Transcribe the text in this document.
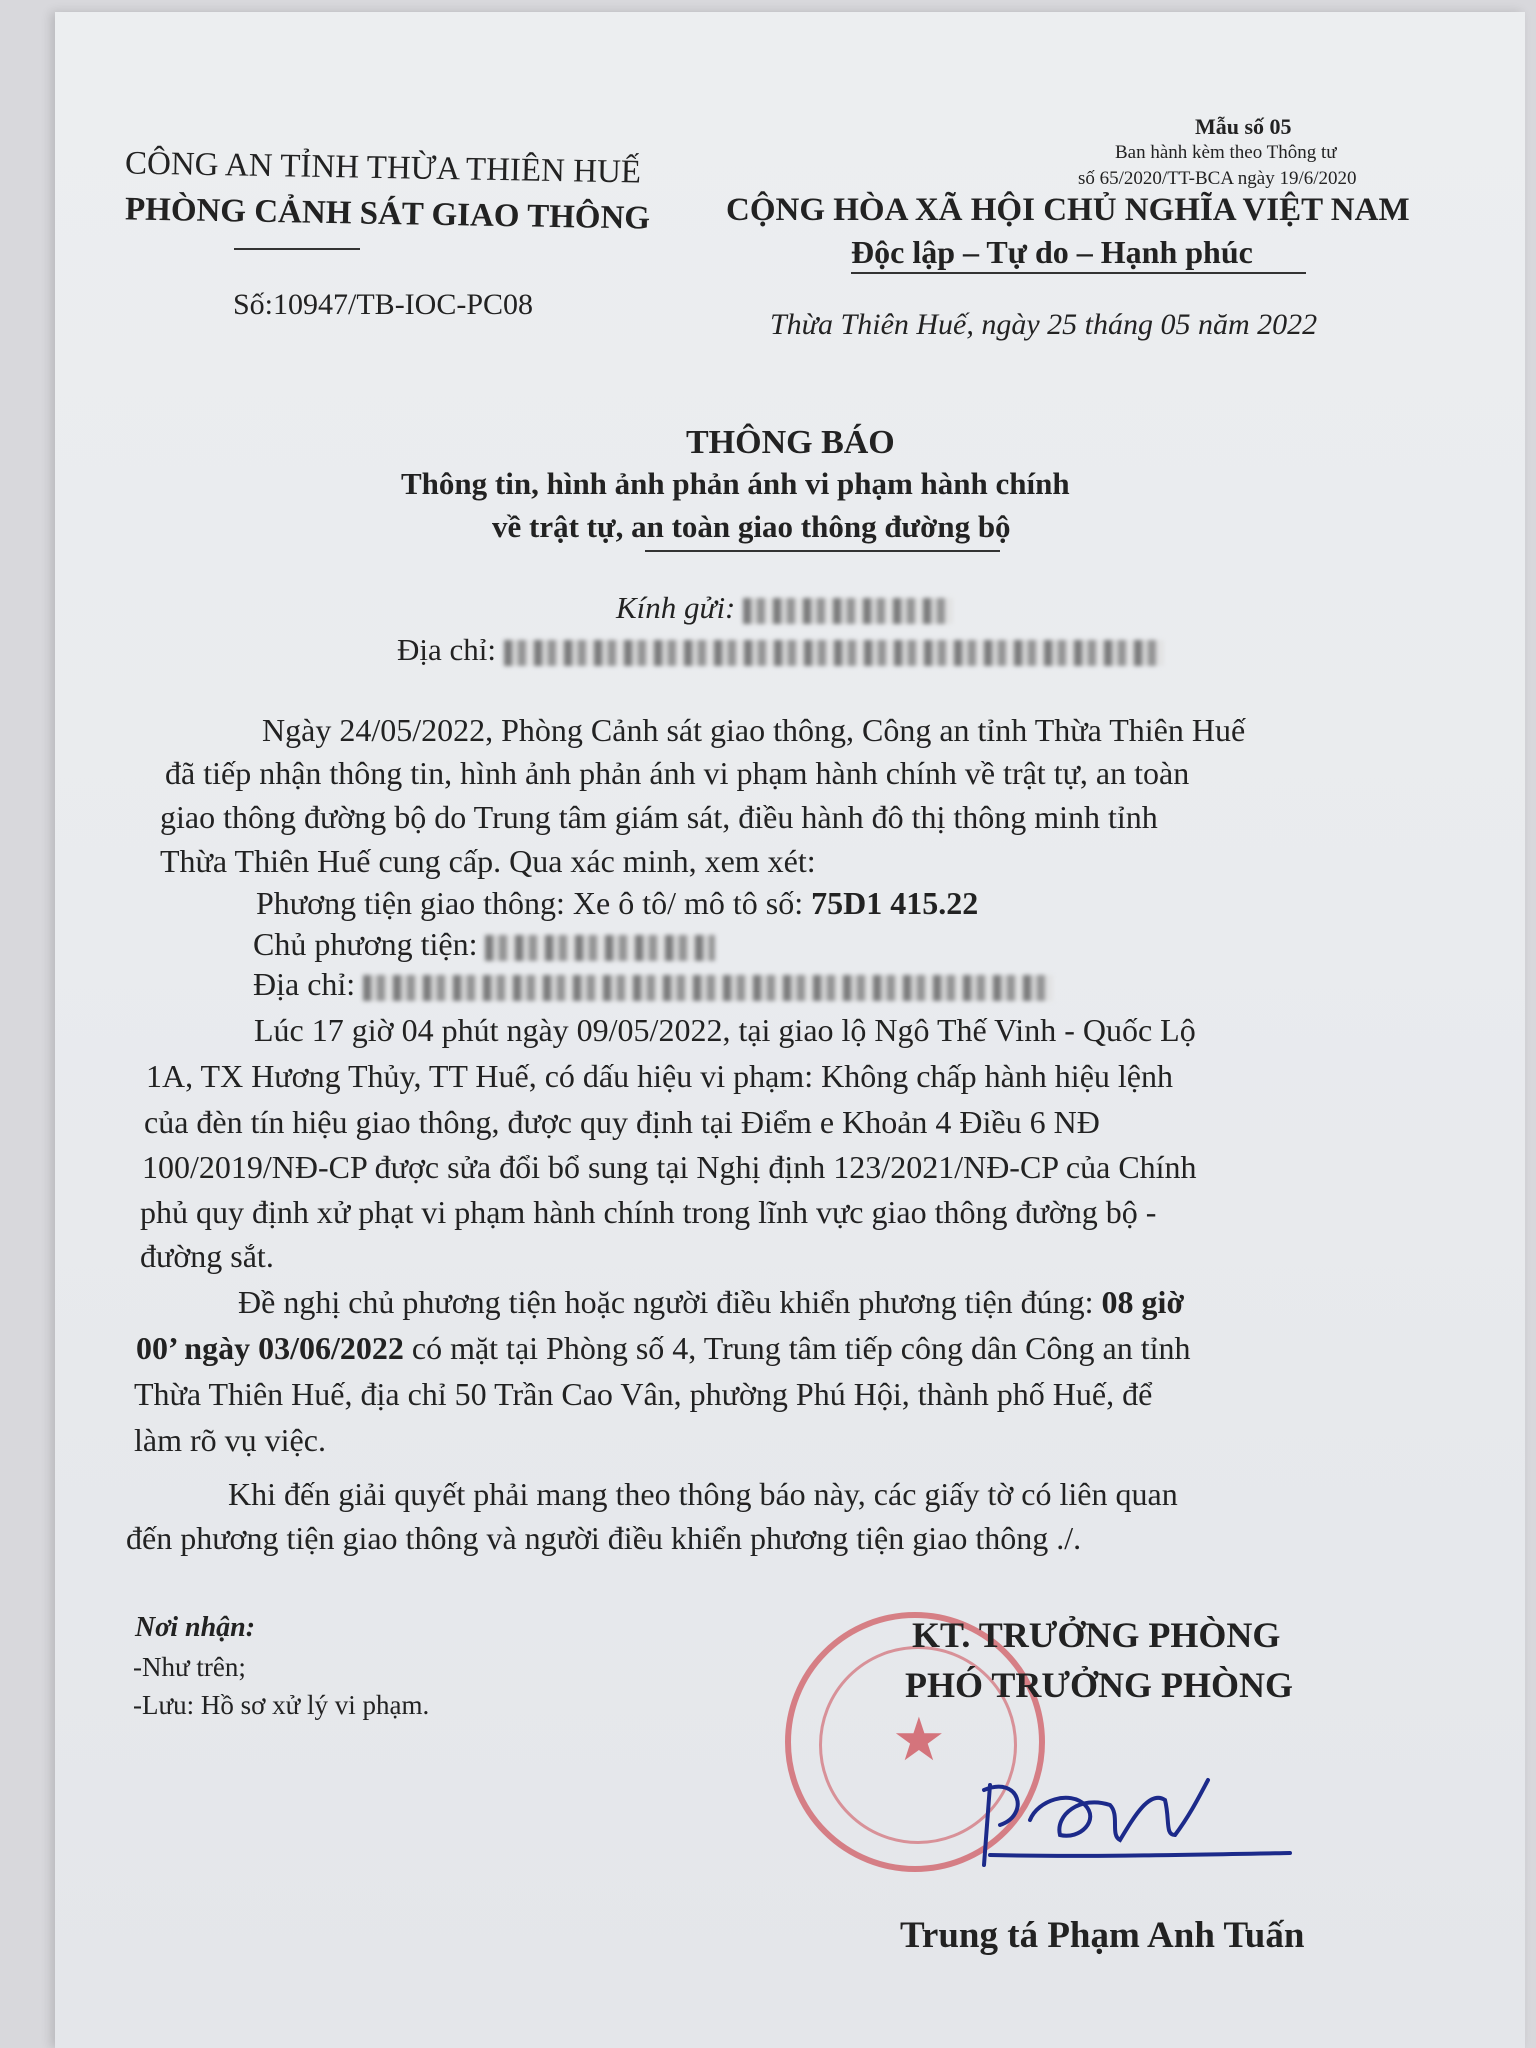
Mẫu số 05
Ban hành kèm theo Thông tư
số 65/2020/TT-BCA ngày 19/6/2020
CÔNG AN TỈNH THỪA THIÊN HUẾ
PHÒNG CẢNH SÁT GIAO THÔNG
Số:10947/TB-IOC-PC08
CỘNG HÒA XÃ HỘI CHỦ NGHĨA VIỆT NAM
Độc lập – Tự do – Hạnh phúc
Thừa Thiên Huế, ngày 25 tháng 05 năm 2022
THÔNG BÁO
Thông tin, hình ảnh phản ánh vi phạm hành chính
về trật tự, an toàn giao thông đường bộ
Kính gửi:
Địa chỉ:
Ngày 24/05/2022, Phòng Cảnh sát giao thông, Công an tỉnh Thừa Thiên Huế
đã tiếp nhận thông tin, hình ảnh phản ánh vi phạm hành chính về trật tự, an toàn
giao thông đường bộ do Trung tâm giám sát, điều hành đô thị thông minh tỉnh
Thừa Thiên Huế cung cấp. Qua xác minh, xem xét:
Phương tiện giao thông: Xe ô tô/ mô tô số: 75D1 415.22
Chủ phương tiện:
Địa chỉ:
Lúc 17 giờ 04 phút ngày 09/05/2022, tại giao lộ Ngô Thế Vinh - Quốc Lộ
1A, TX Hương Thủy, TT Huế, có dấu hiệu vi phạm: Không chấp hành hiệu lệnh
của đèn tín hiệu giao thông, được quy định tại Điểm e Khoản 4 Điều 6 NĐ
100/2019/NĐ-CP được sửa đổi bổ sung tại Nghị định 123/2021/NĐ-CP của Chính
phủ quy định xử phạt vi phạm hành chính trong lĩnh vực giao thông đường bộ -
đường sắt.
Đề nghị chủ phương tiện hoặc người điều khiển phương tiện đúng: 08 giờ
00’ ngày 03/06/2022 có mặt tại Phòng số 4, Trung tâm tiếp công dân Công an tỉnh
Thừa Thiên Huế, địa chỉ 50 Trần Cao Vân, phường Phú Hội, thành phố Huế, để
làm rõ vụ việc.
Khi đến giải quyết phải mang theo thông báo này, các giấy tờ có liên quan
đến phương tiện giao thông và người điều khiển phương tiện giao thông ./.
Nơi nhận:
-Như trên;
-Lưu: Hồ sơ xử lý vi phạm.	★
KT. TRƯỞNG PHÒNG
PHÓ TRƯỞNG PHÒNG
Trung tá Phạm Anh Tuấn
